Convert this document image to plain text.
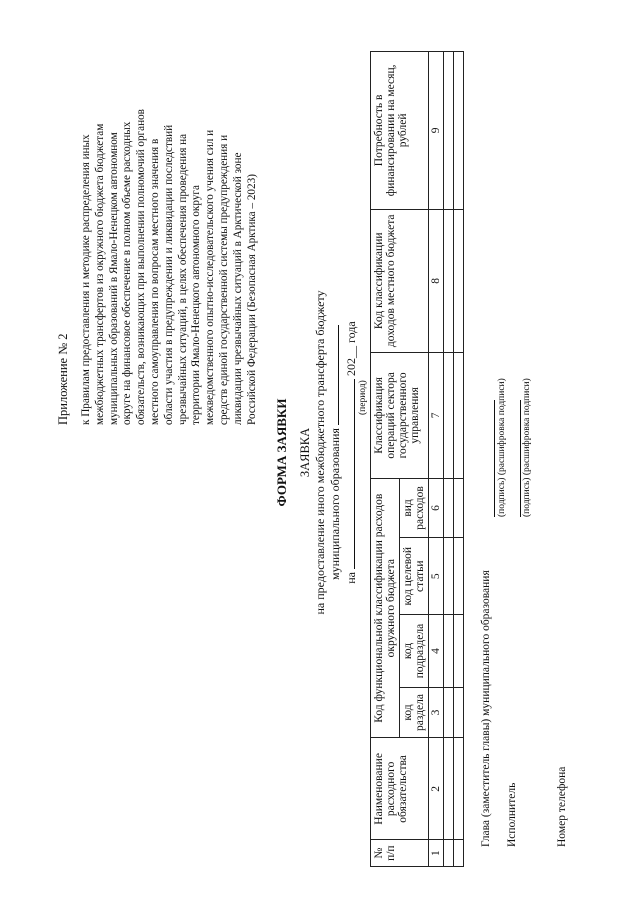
Приложение № 2 к Правилам предоставления и методике распределения иных межбюджетных трансфертов из окружного бюджета бюджетам муниципальных образований в Ямало-Ненецком автономном округе на финансовое обеспечение в полном объеме расходных обязательств, возникающих при выполнении полномочий органов местного самоуправления по вопросам местного значения в области участия в предупреждении и ликвидации последствий чрезвычайных ситуаций, в целях обеспечения проведения на территории Ямало-Ненецкого автономного округа межведомственного опытно-исследовательского учения сил и средств единой государственной системы предупреждения и ликвидации чрезвычайных ситуаций в Арктической зоне Российской Федерации (Безопасная Арктика – 2023)
ФОРМА ЗАЯВКИ ЗАЯВКА на предоставление иного межбюджетного трансферта бюджету муниципального образования на  202__ года
(период)
№ п/п	Наименование расходного обязательства	Код функциональной классификации расходов окружного бюджета				Классификация операций сектора государственного управления	Код классификации доходов местного бюджета	Потребность в финансировании на месяц, рублей
		код раздела	код подраздела	код целевой статьи	вид расходов			
1	2	3	4	5	6	7	8	9

Глава (заместитель главы) муниципального образования
(подпись) (расшифровка подписи)
Исполнитель
(подпись) (расшифровка подписи)
Номер телефона
